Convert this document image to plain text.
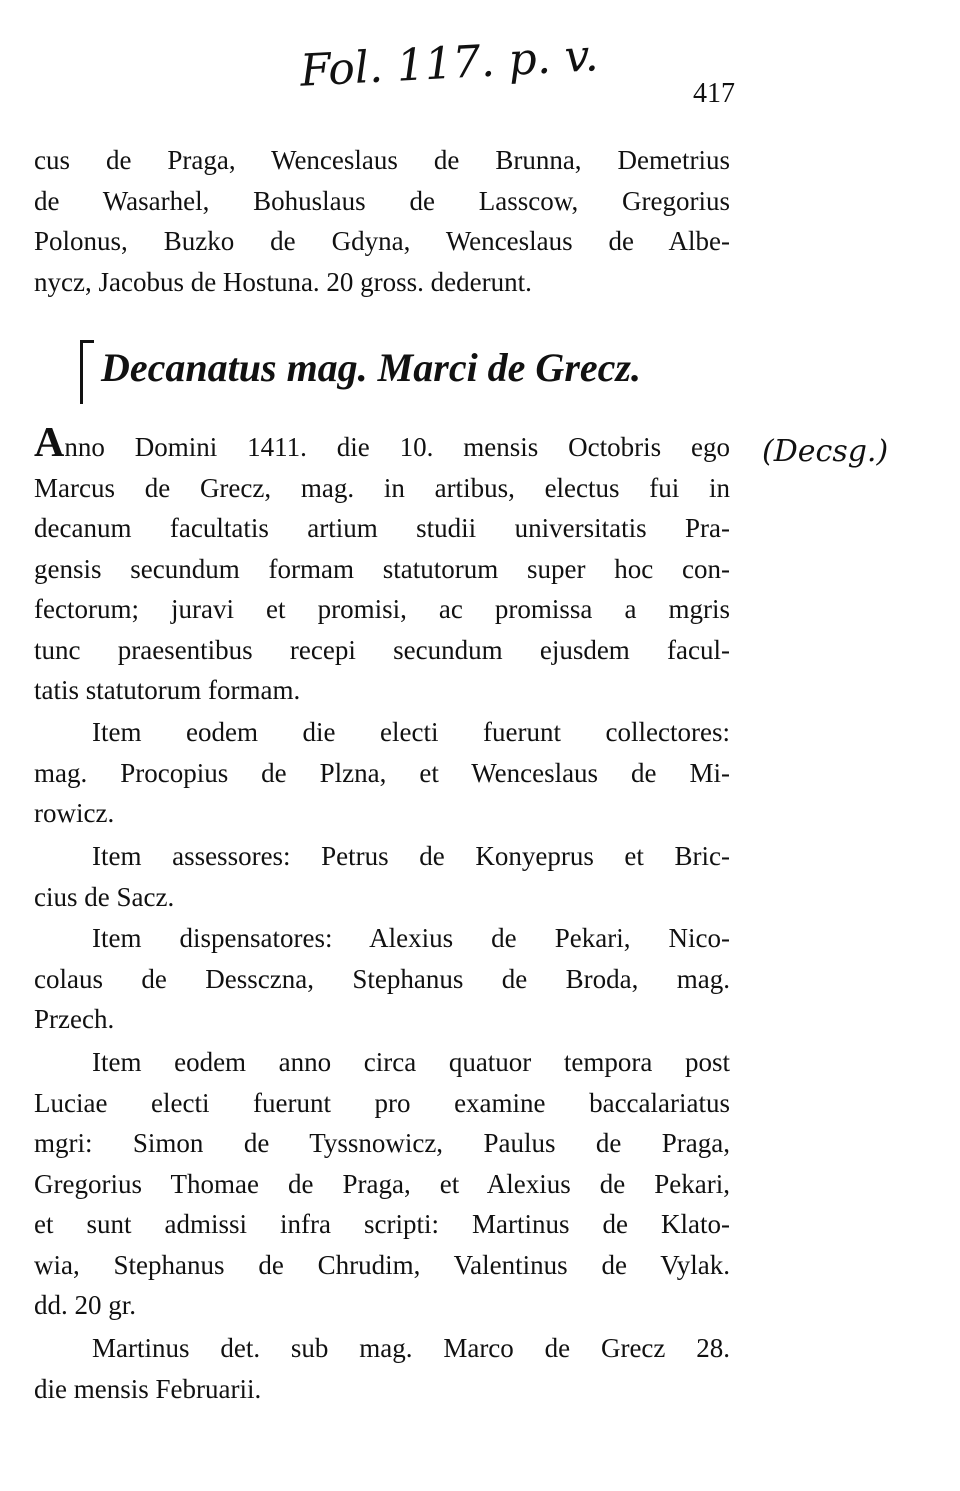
Fol. 117. p. v.	417
(Decsg.)
cus de Praga, Wenceslaus de Brunna, Demetrius
de Wasarhel, Bohuslaus de Lasscow, Gregorius
Polonus, Buzko de Gdyna, Wenceslaus de Albe-
nycz, Jacobus de Hostuna. 20 gross. dederunt.
Decanatus mag. Marci de Grecz.
Anno Domini 1411. die 10. mensis Octobris ego
Marcus de Grecz, mag. in artibus, electus fui in
decanum facultatis artium studii universitatis Pra-
gensis secundum formam statutorum super hoc con-
fectorum; juravi et promisi, ac promissa a mgris
tunc praesentibus recepi secundum ejusdem facul-
tatis statutorum formam.
Item eodem die electi fuerunt collectores:
mag. Procopius de Plzna, et Wenceslaus de Mi-
rowicz.
Item assessores: Petrus de Konyeprus et Bric-
cius de Sacz.
Item dispensatores: Alexius de Pekari, Nico-
colaus de Dessczna, Stephanus de Broda, mag.
Przech.
Item eodem anno circa quatuor tempora post
Luciae electi fuerunt pro examine baccalariatus
mgri: Simon de Tyssnowicz, Paulus de Praga,
Gregorius Thomae de Praga, et Alexius de Pekari,
et sunt admissi infra scripti: Martinus de Klato-
wia, Stephanus de Chrudim, Valentinus de Vylak.
dd. 20 gr.
Martinus det. sub mag. Marco de Grecz 28.
die mensis Februarii.
